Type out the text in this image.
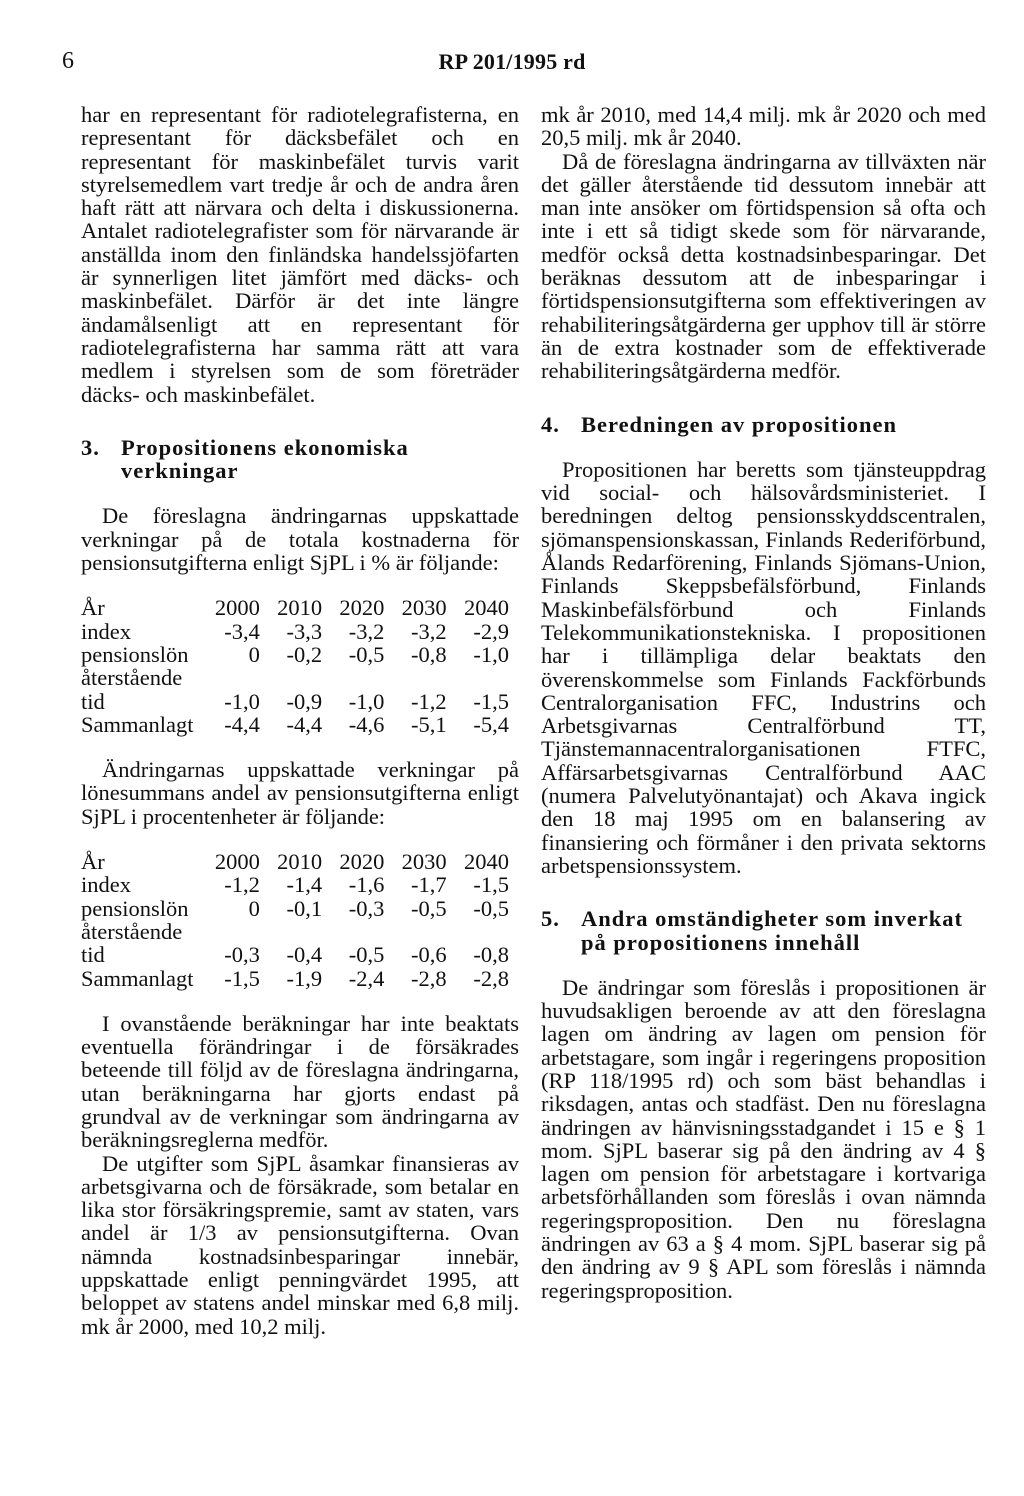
6	RP 201/1995 rd

har en representant för radiotelegrafisterna, en representant för däcksbefälet och en representant för maskinbefälet turvis varit styrelsemedlem vart tredje år och de andra åren haft rätt att närvara och delta i diskussionerna. Antalet radiotelegrafister som för närvarande är anställda inom den finländska handelssjöfarten är synnerligen litet jämfört med däcks- och maskinbefälet. Därför är det inte längre ändamålsenligt att en representant för radiotelegrafisterna har samma rätt att vara medlem i styrelsen som de som företräder däcks- och maskinbefälet.

3. Propositionens ekonomiska verkningar

De föreslagna ändringarnas uppskattade verkningar på de totala kostnaderna för pensionsutgifterna enligt SjPL i % är följande:

År	2000	2010	2020	2030	2040
index	-3,4	-3,3	-3,2	-3,2	-2,9
pensionslön	0	-0,2	-0,5	-0,8	-1,0
återstående					
tid	-1,0	-0,9	-1,0	-1,2	-1,5
Sammanlagt	-4,4	-4,4	-4,6	-5,1	-5,4

Ändringarnas uppskattade verkningar på lönesummans andel av pensionsutgifterna enligt SjPL i procentenheter är följande:

År	2000	2010	2020	2030	2040
index	-1,2	-1,4	-1,6	-1,7	-1,5
pensionslön	0	-0,1	-0,3	-0,5	-0,5
återstående					
tid	-0,3	-0,4	-0,5	-0,6	-0,8
Sammanlagt	-1,5	-1,9	-2,4	-2,8	-2,8

I ovanstående beräkningar har inte beaktats eventuella förändringar i de försäkrades beteende till följd av de föreslagna ändringarna, utan beräkningarna har gjorts endast på grundval av de verkningar som ändringarna av beräkningsreglerna medför.

De utgifter som SjPL åsamkar finansieras av arbetsgivarna och de försäkrade, som betalar en lika stor försäkringspremie, samt av staten, vars andel är 1/3 av pensionsutgifterna. Ovan nämnda kostnadsinbesparingar innebär, uppskattade enligt penningvärdet 1995, att beloppet av statens andel minskar med 6,8 milj. mk år 2000, med 10,2 milj.

mk år 2010, med 14,4 milj. mk år 2020 och med 20,5 milj. mk år 2040.

Då de föreslagna ändringarna av tillväxten när det gäller återstående tid dessutom innebär att man inte ansöker om förtidspension så ofta och inte i ett så tidigt skede som för närvarande, medför också detta kostnadsinbesparingar. Det beräknas dessutom att de inbesparingar i förtidspensionsutgifterna som effektiveringen av rehabiliteringsåtgärderna ger upphov till är större än de extra kostnader som de effektiverade rehabiliteringsåtgärderna medför.

4. Beredningen av propositionen

Propositionen har beretts som tjänsteuppdrag vid social- och hälsovårdsministeriet. I beredningen deltog pensionsskyddscentralen, sjömanspensionskassan, Finlands Rederiförbund, Ålands Redarförening, Finlands Sjömans-Union, Finlands Skeppsbefälsförbund, Finlands Maskinbefälsförbund och Finlands Telekommunikationstekniska. I propositionen har i tillämpliga delar beaktats den överenskommelse som Finlands Fackförbunds Centralorganisation FFC, Industrins och Arbetsgivarnas Centralförbund TT, Tjänstemannacentralorganisationen FTFC, Affärsarbetsgivarnas Centralförbund AAC (numera Palvelutyönantajat) och Akava ingick den 18 maj 1995 om en balansering av finansiering och förmåner i den privata sektorns arbetspensionssystem.

5. Andra omständigheter som inverkat på propositionens innehåll

De ändringar som föreslås i propositionen är huvudsakligen beroende av att den föreslagna lagen om ändring av lagen om pension för arbetstagare, som ingår i regeringens proposition (RP 118/1995 rd) och som bäst behandlas i riksdagen, antas och stadfäst. Den nu föreslagna ändringen av hänvisningsstadgandet i 15 e § 1 mom. SjPL baserar sig på den ändring av 4 § lagen om pension för arbetstagare i kortvariga arbetsförhållanden som föreslås i ovan nämnda regeringsproposition. Den nu föreslagna ändringen av 63 a § 4 mom. SjPL baserar sig på den ändring av 9 § APL som föreslås i nämnda regeringsproposition.
